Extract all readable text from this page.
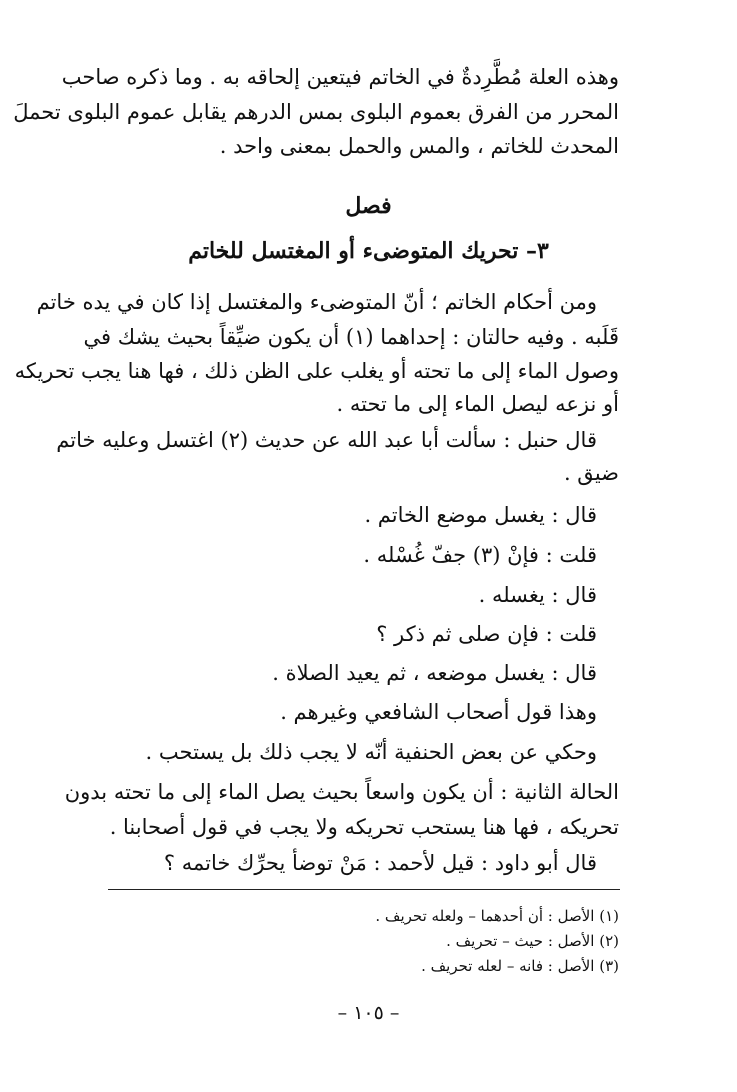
وهذه العلة مُطَّرِدةٌ في الخاتم فيتعين إلحاقه به . وما ذكره صاحب
المحرر من الفرق بعموم البلوى بمس الدرهم يقابل عموم البلوى تحملَ
المحدث للخاتم ، والمس والحمل بمعنى واحد .
فصل
٣– تحريك المتوضىء أو المغتسل للخاتم
ومن أحكام الخاتم ؛ أنّ المتوضىء والمغتسل إذا كان في يده خاتم
قَلَبه . وفيه حالتان : إحداهما (١) أن يكون ضيِّقاً بحيث يشك في
وصول الماء إلى ما تحته أو يغلب على الظن ذلك ، فها هنا يجب تحريكه
أو نزعه ليصل الماء إلى ما تحته .
قال حنبل : سألت أبا عبد الله عن حديث (٢) اغتسل وعليه خاتم
ضيق .
قال : يغسل موضع الخاتم .
قلت : فإنْ (٣) جفّ غُسْله .
قال : يغسله .
قلت : فإن صلى ثم ذكر ؟
قال : يغسل موضعه ، ثم يعيد الصلاة .
وهذا قول أصحاب الشافعي وغيرهم .
وحكي عن بعض الحنفية أنّه لا يجب ذلك بل يستحب .
الحالة الثانية : أن يكون واسعاً بحيث يصل الماء إلى ما تحته بدون
تحريكه ، فها هنا يستحب تحريكه ولا يجب في قول أصحابنا .
قال أبو داود : قيل لأحمد : مَنْ توضأ يحرِّك خاتمه ؟
(١) الأصل : أن أحدهما – ولعله تحريف .
(٢) الأصل : حيث – تحريف .
(٣) الأصل : فانه – لعله تحريف .
– ١٠٥ –
